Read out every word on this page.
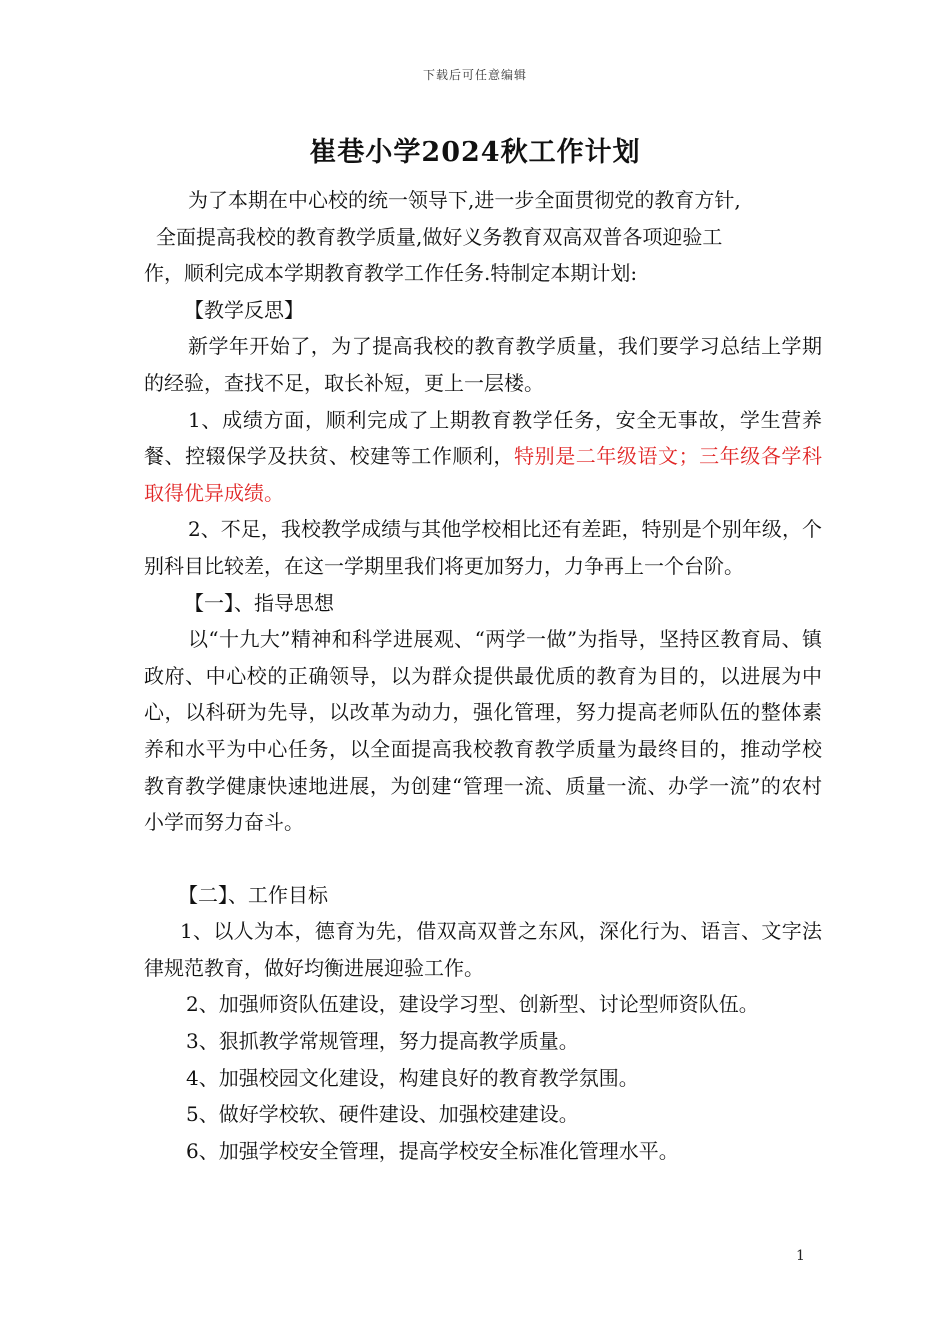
下载后可任意编辑
崔巷小学2024秋工作计划

为了本期在中心校的统一领导下,进一步全面贯彻党的教育方针,

全面提高我校的教育教学质量,做好义务教育双高双普各项迎验工

作，顺利完成本学期教育教学工作任务.特制定本期计划:

【教学反思】

新学年开始了，为了提高我校的教育教学质量，我们要学习总结上学期的经验，查找不足，取长补短，更上一层楼。

1、成绩方面，顺利完成了上期教育教学任务，安全无事故，学生营养餐、控辍保学及扶贫、校建等工作顺利，特别是二年级语文；三年级各学科取得优异成绩。

2、不足，我校教学成绩与其他学校相比还有差距，特别是个别年级，个别科目比较差，在这一学期里我们将更加努力，力争再上一个台阶。

【一】、指导思想

以“十九大”精神和科学进展观、“两学一做”为指导，坚持区教育局、镇政府、中心校的正确领导，以为群众提供最优质的教育为目的，以进展为中心，以科研为先导，以改革为动力，强化管理，努力提高老师队伍的整体素养和水平为中心任务，以全面提高我校教育教学质量为最终目的，推动学校教育教学健康快速地进展，为创建“管理一流、质量一流、办学一流”的农村小学而努力奋斗。

【二】、工作目标

1、以人为本，德育为先，借双高双普之东风，深化行为、语言、文字法律规范教育，做好均衡进展迎验工作。

2、加强师资队伍建设，建设学习型、创新型、讨论型师资队伍。

3、狠抓教学常规管理，努力提高教学质量。

4、加强校园文化建设，构建良好的教育教学氛围。

5、做好学校软、硬件建设、加强校建建设。

6、加强学校安全管理，提高学校安全标准化管理水平。

1
